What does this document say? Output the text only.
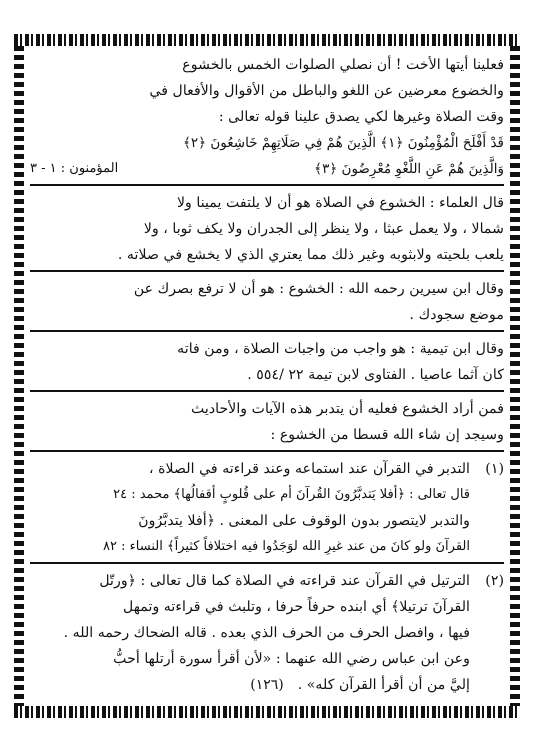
فعلينا أيتها الأخت ! أن نصلي الصلوات الخمس بالخشوع

والخضوع معرضين عن اللغو والباطل من الأقوال والأفعال في

وقت الصلاة وغيرها لكي يصدق علينا قوله تعالى :

قَدْ أَفْلَحَ الْمُؤْمِنُونَ ﴿١﴾ الَّذِينَ هُمْ فِي صَلَاتِهِمْ خَاشِعُونَ ﴿٢﴾

وَالَّذِينَ هُمْ عَنِ اللَّغْوِ مُعْرِضُونَ ﴿٣﴾
المؤمنون : ١ - ٣

قال العلماء : الخشوع في الصلاة هو أن لا يلتفت يمينا ولا

شمالا ، ولا يعمل عبثا ، ولا ينظر إلى الجدران ولا يكف ثوبا ، ولا

يلعب بلحيته ولابثوبه وغير ذلك مما يعتري الذي لا يخشع في صلاته .

وقال ابن سيرين رحمه الله : الخشوع : هو أن لا ترفع بصرك عن

موضع سجودك .

وقال ابن تيمية : هو واجب من واجبات الصلاة ، ومن فاته

كان آثما عاصيا . الفتاوى لابن تيمة ٢٢ /٥٥٤ .

فمن أراد الخشوع فعليه أن يتدبر هذه الآيات والأحاديث

وسيجد إن شاء الله قسطا من الخشوع :

(١)

التدبر في القرآن عند استماعه وعند قراءته في الصلاة ،

قال تعالى : ﴿أفلا يَتدبَّرُونَ القُرآنَ أم على قُلوبٍ أقفالُها﴾ محمد : ٢٤

والتدبر لايتصور بدون الوقوف على المعنى . ﴿أفلا يتدبَّرُونَ

القرآنَ ولو كانَ من عند غيرِ الله لوَجَدُوا فيه اختلافاً كثيراً﴾ النساء : ٨٢

(٢)

الترتيل في القرآن عند قراءته في الصلاة كما قال تعالى : ﴿ورتّل

القرآنَ ترتيلا﴾ أي ابنده حرفاً حرفا ، وتلبث في قراءته وتمهل

فيها ، وافصل الحرف من الحرف الذي بعده . قاله الضحاك رحمه الله .

وعن ابن عباس رضي الله عنهما : «لأن أقرأ سورة أرتلها أحبُّ

إليَّ من أن أقرأ القرآن كله» .

(١٢٦)
